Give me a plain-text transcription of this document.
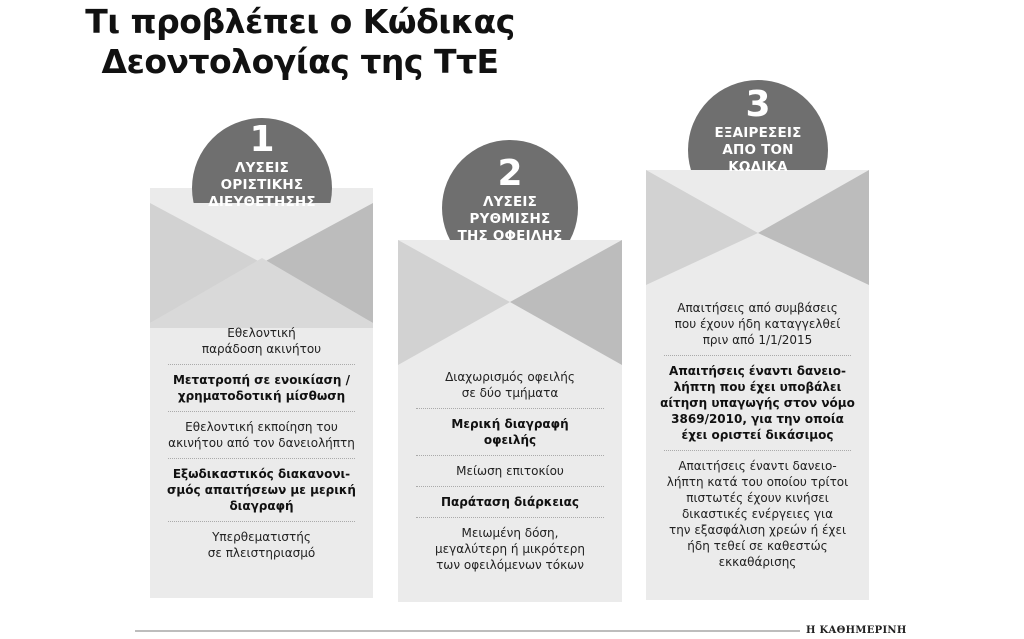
Τι προβλέπει ο Κώδικας
Δεοντολογίας της ΤτΕ
1
ΛΥΣΕΙΣ
ΟΡΙΣΤΙΚΗΣ
ΔΙΕΥΘΕΤΗΣΗΣ
Εθελοντική
παράδοση ακινήτου
Μετατροπή σε ενοικίαση /
χρηματοδοτική μίσθωση
Εθελοντική εκποίηση του
ακινήτου από τον δανειολήπτη
Εξωδικαστικός διακανονι-
σμός απαιτήσεων με μερική
διαγραφή
Υπερθεματιστής
σε πλειστηριασμό
2
ΛΥΣΕΙΣ
ΡΥΘΜΙΣΗΣ
ΤΗΣ ΟΦΕΙΛΗΣ
Διαχωρισμός οφειλής
σε δύο τμήματα
Μερική διαγραφή
οφειλής
Μείωση επιτοκίου
Παράταση διάρκειας
Μειωμένη δόση,
μεγαλύτερη ή μικρότερη
των οφειλόμενων τόκων
3
ΕΞΑΙΡΕΣΕΙΣ
ΑΠΟ ΤΟΝ
ΚΩΔΙΚΑ
Απαιτήσεις από συμβάσεις
που έχουν ήδη καταγγελθεί
πριν από 1/1/2015
Απαιτήσεις έναντι δανειο-
λήπτη που έχει υποβάλει
αίτηση υπαγωγής στον νόμο
3869/2010, για την οποία
έχει οριστεί δικάσιμος
Απαιτήσεις έναντι δανειο-
λήπτη κατά του οποίου τρίτοι
πιστωτές έχουν κινήσει
δικαστικές ενέργειες για
την εξασφάλιση χρεών ή έχει
ήδη τεθεί σε καθεστώς
εκκαθάρισης
Η ΚΑΘΗΜΕΡΙΝΗ
